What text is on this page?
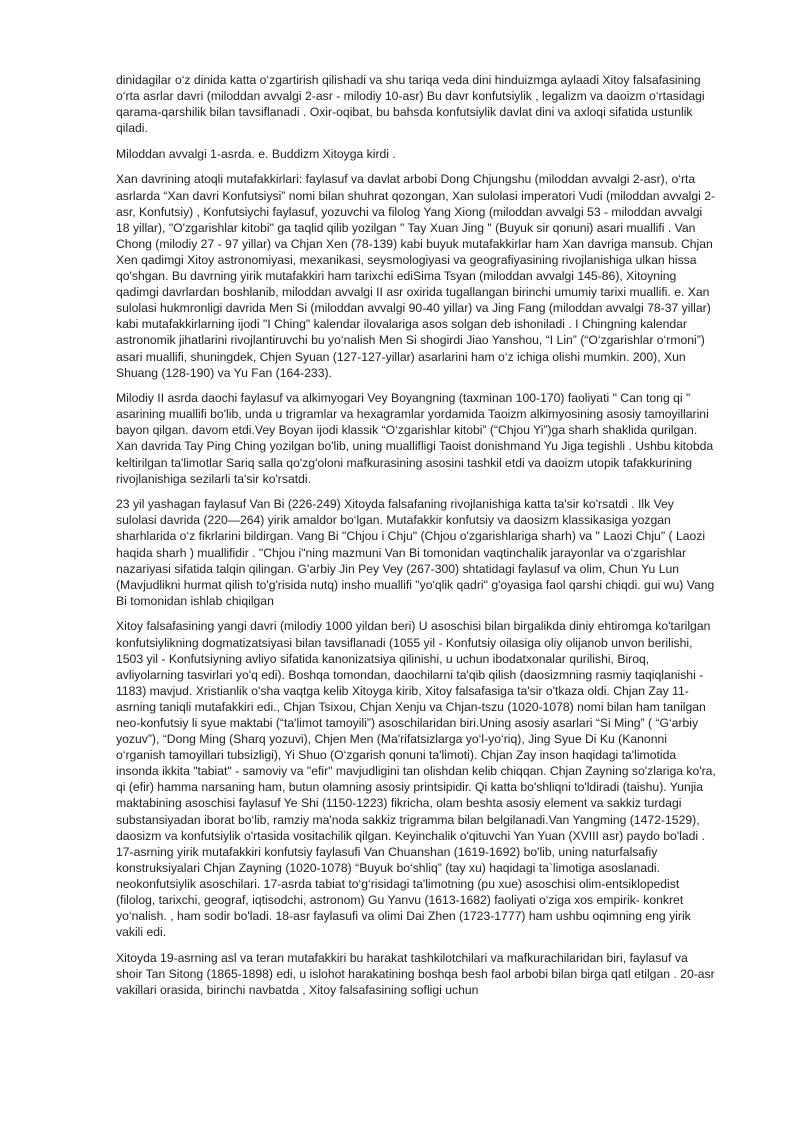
dinidagilar o‘z dinida katta o‘zgartirish qilishadi va shu tariqa veda dini hinduizmga aylaadi Xitoy falsafasining o‘rta asrlar davri (miloddan avvalgi 2-asr - milodiy 10-asr) Bu davr konfutsiylik , legalizm va daoizm o‘rtasidagi qarama-qarshilik bilan tavsiflanadi . Oxir-oqibat, bu bahsda konfutsiylik davlat dini va axloqi sifatida ustunlik qiladi.

Miloddan avvalgi 1-asrda. e. Buddizm Xitoyga kirdi .

Xan davrining atoqli mutafakkirlari: faylasuf va davlat arbobi Dong Chjungshu (miloddan avvalgi 2-asr), o‘rta asrlarda “Xan davri Konfutsiysi” nomi bilan shuhrat qozongan, Xan sulolasi imperatori Vudi (miloddan avvalgi 2-asr, Konfutsiy) , Konfutsiychi faylasuf, yozuvchi va filolog Yang Xiong (miloddan avvalgi 53 - miloddan avvalgi 18 yillar), "O'zgarishlar kitobi" ga taqlid qilib yozilgan " Tay Xuan Jing " (Buyuk sir qonuni) asari muallifi . Van Chong (milodiy 27 - 97 yillar) va Chjan Xen (78-139) kabi buyuk mutafakkirlar ham Xan davriga mansub. Chjan Xen qadimgi Xitoy astronomiyasi, mexanikasi, seysmologiyasi va geografiyasining rivojlanishiga ulkan hissa qo'shgan. Bu davrning yirik mutafakkiri ham tarixchi ediSima Tsyan (miloddan avvalgi 145-86), Xitoyning qadimgi davrlardan boshlanib, miloddan avvalgi II asr oxirida tugallangan birinchi umumiy tarixi muallifi. e. Xan sulolasi hukmronligi davrida Men Si (miloddan avvalgi 90-40 yillar) va Jing Fang (miloddan avvalgi 78-37 yillar) kabi mutafakkirlarning ijodi "I Ching" kalendar ilovalariga asos solgan deb ishoniladi . I Chingning kalendar astronomik jihatlarini rivojlantiruvchi bu yo‘nalish Men Si shogirdi Jiao Yanshou, “I Lin” (“O‘zgarishlar o‘rmoni”) asari muallifi, shuningdek, Chjen Syuan (127-127-yillar) asarlarini ham o‘z ichiga olishi mumkin. 200), Xun Shuang (128-190) va Yu Fan (164-233).

Milodiy II asrda daochi faylasuf va alkimyogari Vey Boyangning (taxminan 100-170) faoliyati " Can tong qi " asarining muallifi bo'lib, unda u trigramlar va hexagramlar yordamida Taoizm alkimyosining asosiy tamoyillarini bayon qilgan. davom etdi.Vey Boyan ijodi klassik “O‘zgarishlar kitobi” (“Chjou Yi”)ga sharh shaklida qurilgan. Xan davrida Tay Ping Ching yozilgan bo'lib, uning muallifligi Taoist donishmand Yu Jiga tegishli . Ushbu kitobda keltirilgan ta'limotlar Sariq salla qo'zg'oloni mafkurasining asosini tashkil etdi va daoizm utopik tafakkurining rivojlanishiga sezilarli ta'sir ko'rsatdi.

23 yil yashagan faylasuf Van Bi (226-249) Xitoyda falsafaning rivojlanishiga katta ta'sir ko'rsatdi . Ilk Vey sulolasi davrida (220—264) yirik amaldor bo‘lgan. Mutafakkir konfutsiy va daosizm klassikasiga yozgan sharhlarida o‘z fikrlarini bildirgan. Vang Bi "Chjou i Chju" (Chjou o'zgarishlariga sharh) va " Laozi Chju" ( Laozi haqida sharh ) muallifidir . "Chjou i"ning mazmuni Van Bi tomonidan vaqtinchalik jarayonlar va o‘zgarishlar nazariyasi sifatida talqin qilingan. G'arbiy Jin Pey Vey (267-300) shtatidagi faylasuf va olim, Chun Yu Lun (Mavjudlikni hurmat qilish to'g'risida nutq) insho muallifi "yo'qlik qadri" g'oyasiga faol qarshi chiqdi. gui wu) Vang Bi tomonidan ishlab chiqilgan

Xitoy falsafasining yangi davri (milodiy 1000 yildan beri) U asoschisi bilan birgalikda diniy ehtiromga ko'tarilgan konfutsiylikning dogmatizatsiyasi bilan tavsiflanadi (1055 yil - Konfutsiy oilasiga oliy olijanob unvon berilishi, 1503 yil - Konfutsiyning avliyo sifatida kanonizatsiya qilinishi, u uchun ibodatxonalar qurilishi, Biroq, avliyolarning tasvirlari yo'q edi). Boshqa tomondan, daochilarni ta'qib qilish (daosizmning rasmiy taqiqlanishi - 1183) mavjud. Xristianlik o'sha vaqtga kelib Xitoyga kirib, Xitoy falsafasiga ta'sir o'tkaza oldi. Chjan Zay 11-asrning taniqli mutafakkiri edi., Chjan Tsixou, Chjan Xenju va Chjan-tszu (1020-1078) nomi bilan ham tanilgan neo-konfutsiy li syue maktabi (“ta'limot tamoyili”) asoschilaridan biri.Uning asosiy asarlari “Si Ming” ( “G‘arbiy yozuv”), “Dong Ming (Sharq yozuvi), Chjen Men (Ma'rifatsizlarga yo‘l-yo‘riq), Jing Syue Di Ku (Kanonni o‘rganish tamoyillari tubsizligi), Yi Shuo (O‘zgarish qonuni ta'limoti). Chjan Zay inson haqidagi ta'limotida insonda ikkita "tabiat" - samoviy va "efir" mavjudligini tan olishdan kelib chiqqan. Chjan Zayning so'zlariga ko'ra, qi (efir) hamma narsaning ham, butun olamning asosiy printsipidir. Qi katta bo'shliqni to'ldiradi (taishu). Yunjia maktabining asoschisi faylasuf Ye Shi (1150-1223) fikricha, olam beshta asosiy element va sakkiz turdagi substansiyadan iborat bo‘lib, ramziy ma'noda sakkiz trigramma bilan belgilanadi.Van Yangming (1472-1529), daosizm va konfutsiylik o'rtasida vositachilik qilgan. Keyinchalik o'qituvchi Yan Yuan (XVIII asr) paydo bo'ladi . 17-asrning yirik mutafakkiri konfutsiy faylasufi Van Chuanshan (1619-1692) bo'lib, uning naturfalsafiy konstruksiyalari Chjan Zayning (1020-1078) “Buyuk bo‘shliq” (tay xu) haqidagi ta`limotiga asoslanadi. neokonfutsiylik asoschilari. 17-asrda tabiat to‘g‘risidagi ta'limotning (pu xue) asoschisi olim-entsiklopedist (filolog, tarixchi, geograf, iqtisodchi, astronom) Gu Yanvu (1613-1682) faoliyati o‘ziga xos empirik- konkret yo‘nalish. , ham sodir bo'ladi. 18-asr faylasufi va olimi Dai Zhen (1723-1777) ham ushbu oqimning eng yirik vakili edi.

Xitoyda 19-asrning asl va teran mutafakkiri bu harakat tashkilotchilari va mafkurachilaridan biri, faylasuf va shoir Tan Sitong (1865-1898) edi, u islohot harakatining boshqa besh faol arbobi bilan birga qatl etilgan . 20-asr vakillari orasida, birinchi navbatda , Xitoy falsafasining sofligi uchun
